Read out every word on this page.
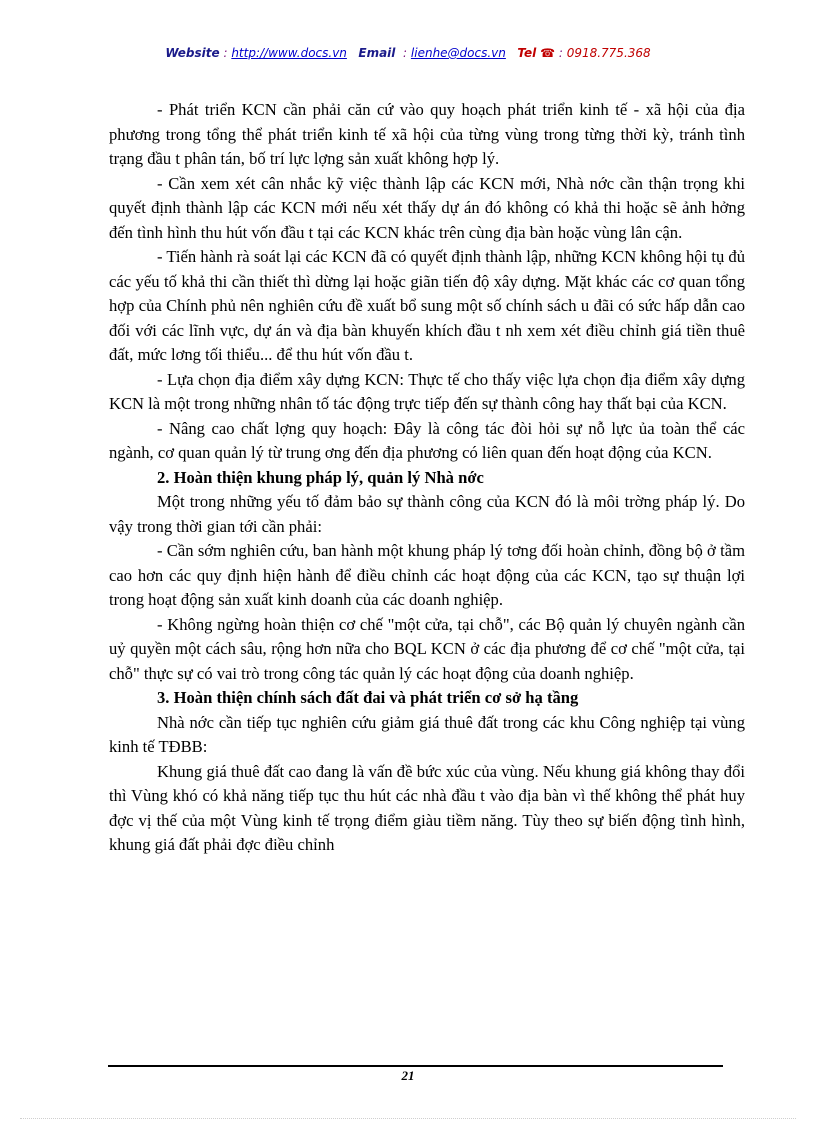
Website : http://www.docs.vn Email  : lienhe@docs.vn Tel ☎ : 0918.775.368

- Phát triển KCN cần phải căn cứ vào quy hoạch phát triển kinh tế - xã hội của địa phương trong tổng thể phát triển kinh tế xã hội của từng vùng trong từng thời kỳ, tránh tình trạng đầu t phân tán, bố trí lực lợng sản xuất không hợp lý.

- Cần xem xét cân nhắc kỹ việc thành lập các KCN mới, Nhà nớc cần thận trọng khi quyết định thành lập các KCN mới nếu xét thấy dự án đó không có khả thi hoặc sẽ ảnh hởng đến tình hình thu hút vốn đầu t tại các KCN khác trên cùng địa bàn hoặc vùng lân cận.

- Tiến hành rà soát lại các KCN đã có quyết định thành lập, những KCN không hội tụ đủ các yếu tố khả thi cần thiết thì dừng lại hoặc giãn tiến độ xây dựng. Mặt khác các cơ quan tổng hợp của Chính phủ nên nghiên cứu đề xuất bổ sung một số chính sách u đãi có sức hấp dẫn cao đối với các lĩnh vực, dự án và địa bàn khuyến khích đầu t nh xem xét điều chỉnh giá tiền thuê đất, mức lơng tối thiểu... để thu hút vốn đầu t.

- Lựa chọn địa điểm xây dựng KCN: Thực tế cho thấy việc lựa chọn địa điểm xây dựng KCN là một trong những nhân tố tác động trực tiếp đến sự thành công hay thất bại của KCN.

- Nâng cao chất lợng quy hoạch: Đây là công tác đòi hỏi sự nỗ lực ủa toàn thể các ngành, cơ quan quản lý từ trung ơng đến địa phương có liên quan đến hoạt động của KCN.

2. Hoàn thiện khung pháp lý, quản lý Nhà nớc

Một trong những yếu tố đảm bảo sự thành công của KCN đó là môi trờng pháp lý. Do vậy trong thời gian tới cần phải:

- Cần sớm nghiên cứu, ban hành một khung pháp lý tơng đối hoàn chỉnh, đồng bộ ở tầm cao hơn các quy định hiện hành để điều chỉnh các hoạt động của các KCN, tạo sự thuận lợi trong hoạt động sản xuất kinh doanh của các doanh nghiệp.

- Không ngừng hoàn thiện cơ chế "một cửa, tại chỗ", các Bộ quản lý chuyên ngành cần uỷ quyền một cách sâu, rộng hơn nữa cho BQL KCN ở các địa phương để cơ chế "một cửa, tại chỗ" thực sự có vai trò trong công tác quản lý các hoạt động của doanh nghiệp.

3. Hoàn thiện chính sách đất đai và phát triển cơ sở hạ tầng

Nhà nớc cần tiếp tục nghiên cứu giảm giá thuê đất trong các khu Công nghiệp tại vùng kinh tế TĐBB:

Khung giá thuê đất cao đang là vấn đề bức xúc của vùng. Nếu khung giá không thay đổi thì Vùng khó có khả năng tiếp tục thu hút các nhà đầu t vào địa bàn vì thế không thể phát huy đợc vị thế của một Vùng kinh tế trọng điểm giàu tiềm năng. Tùy theo sự biến động tình hình, khung giá đất phải đợc điều chỉnh

21
